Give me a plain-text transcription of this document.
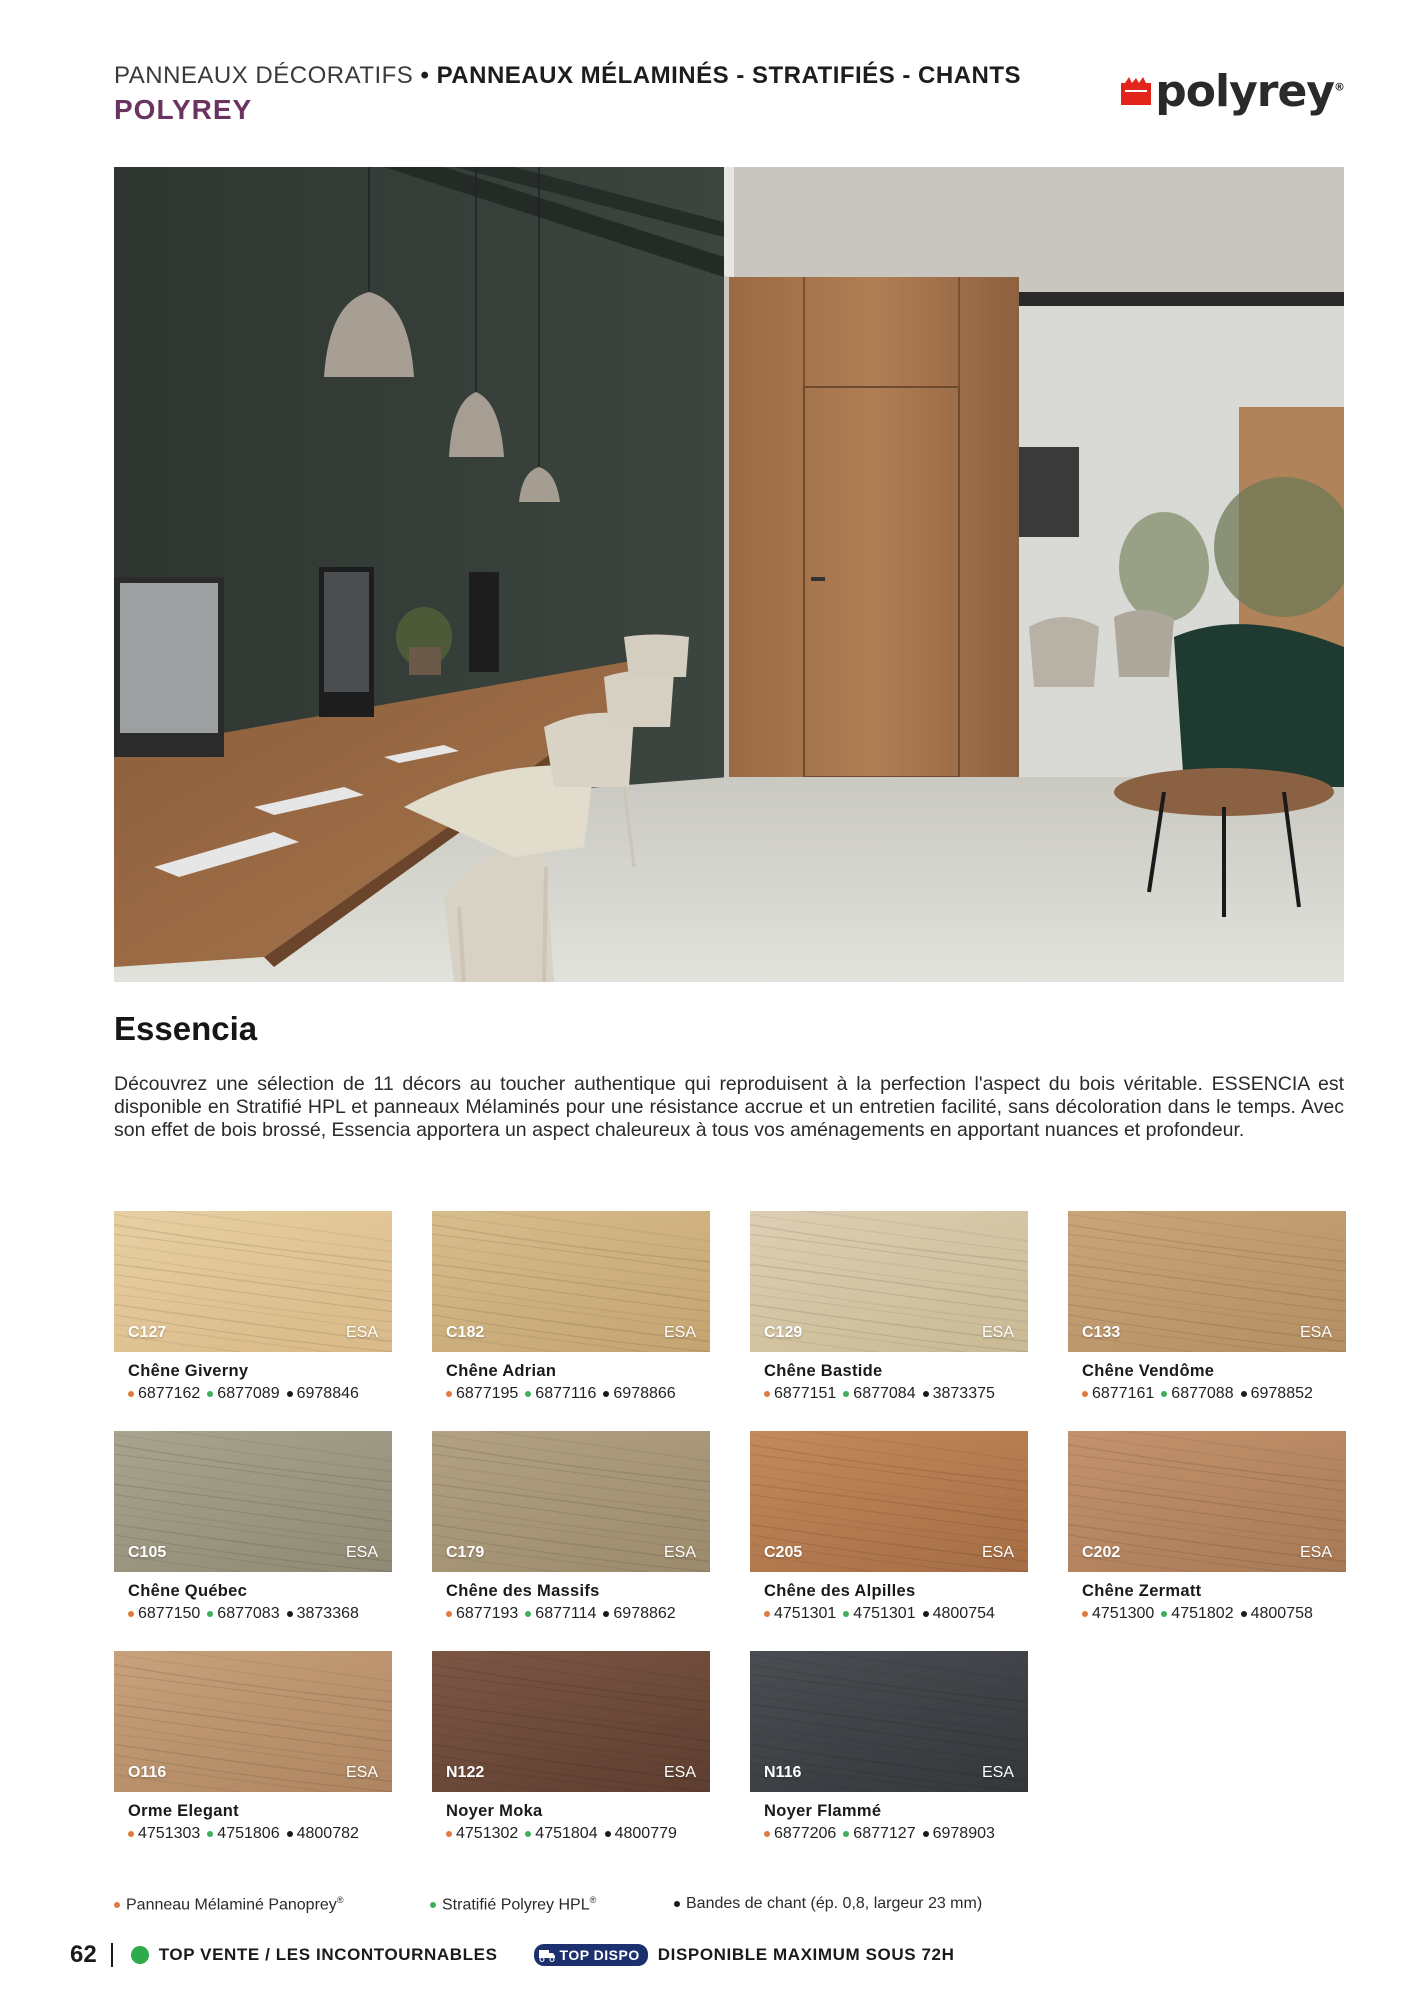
PANNEAUX DÉCORATIFS • PANNEAUX MÉLAMINÉS - STRATIFIÉS - CHANTS
POLYREY	polyrey®
Essencia
Découvrez une sélection de 11 décors au toucher authentique qui reproduisent à la perfection l'aspect du bois véritable. ESSENCIA est disponible en Stratifié HPL et panneaux Mélaminés pour une résistance accrue et un entretien facilité, sans décoloration dans le temps. Avec son effet de bois brossé, Essencia apportera un aspect chaleureux à tous vos aménagements en apportant nuances et profondeur.
C127	ESA
Chêne Giverny
6877162 6877089 6978846
C182	ESA
Chêne Adrian
6877195 6877116 6978866
C129	ESA
Chêne Bastide
6877151 6877084 3873375
C133	ESA
Chêne Vendôme
6877161 6877088 6978852
C105	ESA
Chêne Québec
6877150 6877083 3873368
C179	ESA
Chêne des Massifs
6877193 6877114 6978862
C205	ESA
Chêne des Alpilles
4751301 4751301 4800754
C202	ESA
Chêne Zermatt
4751300 4751802 4800758
O116	ESA
Orme Elegant
4751303 4751806 4800782
N122	ESA
Noyer Moka
4751302 4751804 4800779
N116	ESA
Noyer Flammé
6877206 6877127 6978903
Panneau Mélaminé Panoprey®	Stratifié Polyrey HPL®	Bandes de chant (ép. 0,8, largeur 23 mm)
62	TOP VENTE / LES INCONTOURNABLES	TOP DISPO DISPONIBLE MAXIMUM SOUS 72H
